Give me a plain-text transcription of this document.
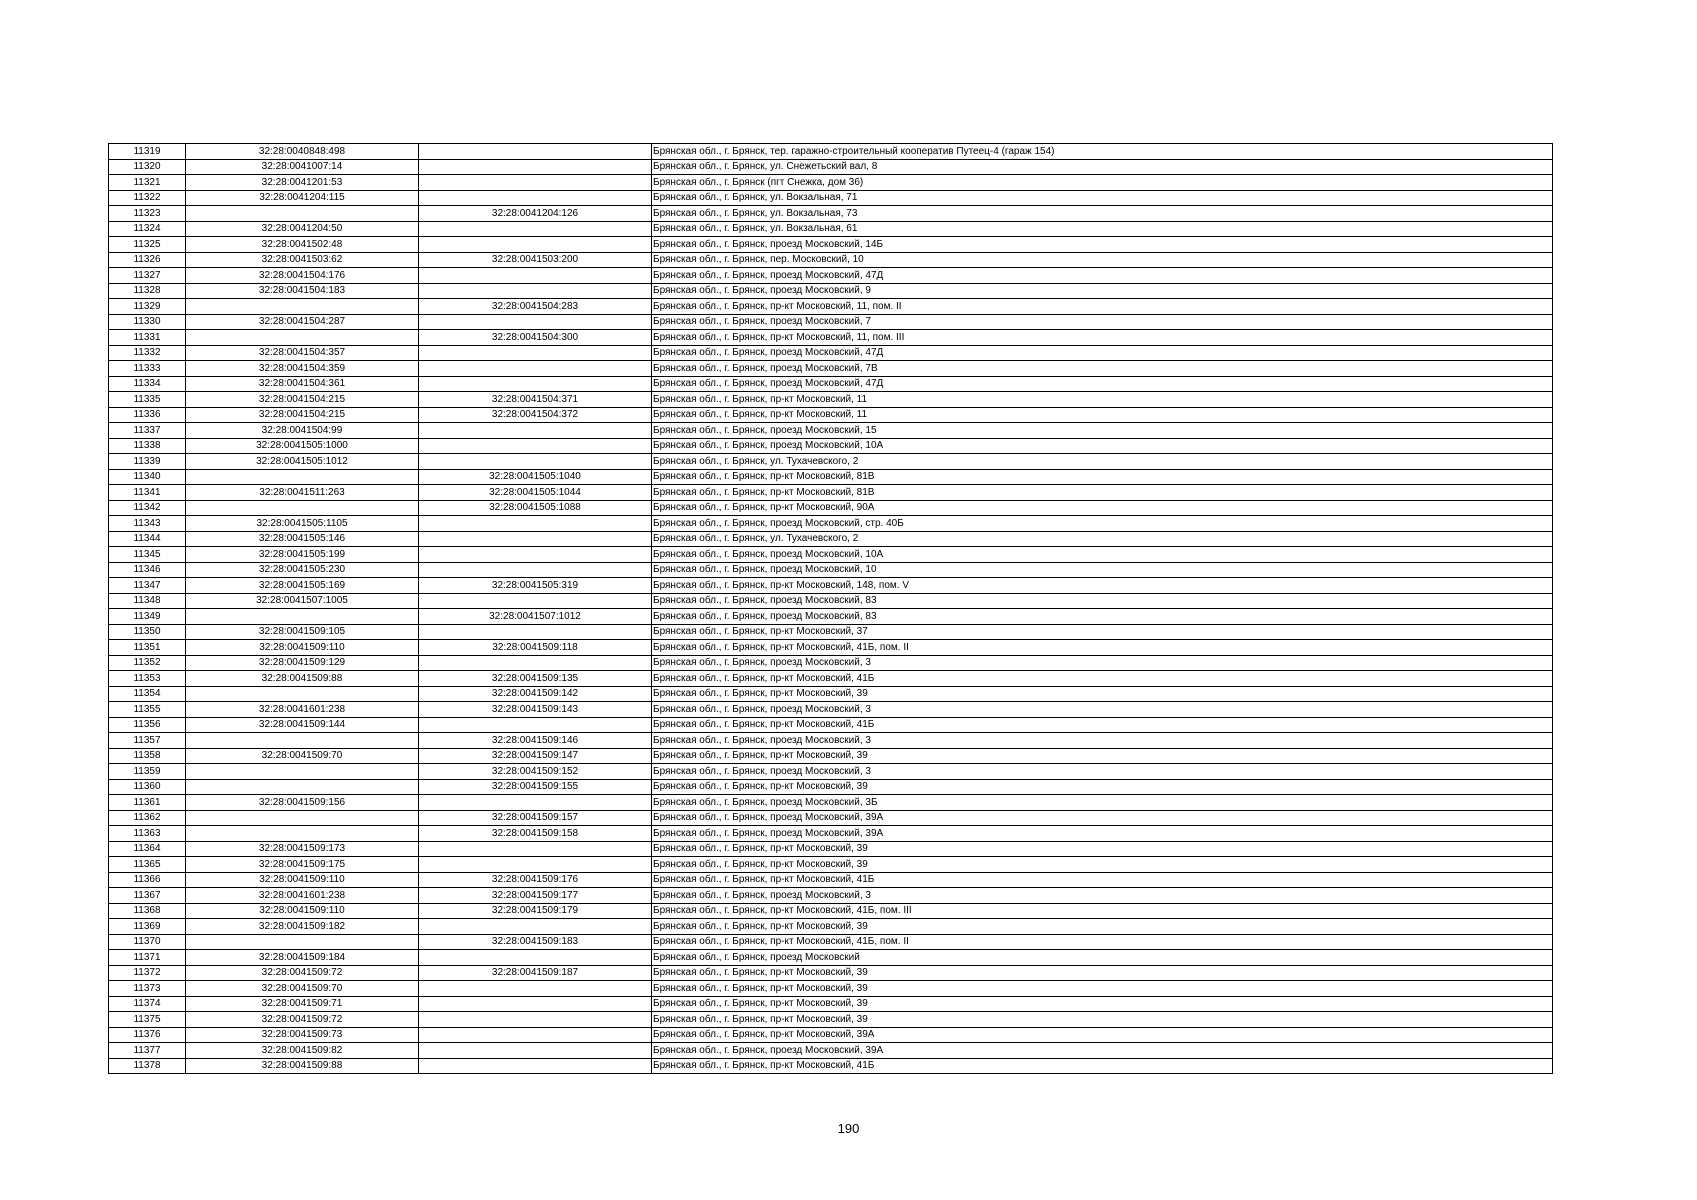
11319	32:28:0040848:498		Брянская обл., г. Брянск, тер. гаражно-строительный кооператив Путеец-4 (гараж 154)
11320	32:28:0041007:14		Брянская обл., г. Брянск, ул. Снежетьский вал, 8
11321	32:28:0041201:53		Брянская обл., г. Брянск (пгт Снежка, дом 36)
11322	32:28:0041204:115		Брянская обл., г. Брянск, ул. Вокзальная, 71
11323		32:28:0041204:126	Брянская обл., г. Брянск, ул. Вокзальная, 73
11324	32:28:0041204:50		Брянская обл., г. Брянск, ул. Вокзальная, 61
11325	32:28:0041502:48		Брянская обл., г. Брянск, проезд Московский, 14Б
11326	32:28:0041503:62	32:28:0041503:200	Брянская обл., г. Брянск, пер. Московский, 10
11327	32:28:0041504:176		Брянская обл., г. Брянск, проезд Московский, 47Д
11328	32:28:0041504:183		Брянская обл., г. Брянск, проезд Московский, 9
11329		32:28:0041504:283	Брянская обл., г. Брянск, пр-кт Московский, 11, пом. II
11330	32:28:0041504:287		Брянская обл., г. Брянск, проезд Московский, 7
11331		32:28:0041504:300	Брянская обл., г. Брянск, пр-кт Московский, 11, пом. III
11332	32:28:0041504:357		Брянская обл., г. Брянск, проезд Московский, 47Д
11333	32:28:0041504:359		Брянская обл., г. Брянск, проезд Московский, 7В
11334	32:28:0041504:361		Брянская обл., г. Брянск, проезд Московский, 47Д
11335	32:28:0041504:215	32:28:0041504:371	Брянская обл., г. Брянск, пр-кт Московский, 11
11336	32:28:0041504:215	32:28:0041504:372	Брянская обл., г. Брянск, пр-кт Московский, 11
11337	32:28:0041504:99		Брянская обл., г. Брянск, проезд Московский, 15
11338	32:28:0041505:1000		Брянская обл., г. Брянск, проезд Московский, 10А
11339	32:28:0041505:1012		Брянская обл., г. Брянск, ул. Тухачевского, 2
11340		32:28:0041505:1040	Брянская обл., г. Брянск, пр-кт Московский, 81В
11341	32:28:0041511:263	32:28:0041505:1044	Брянская обл., г. Брянск, пр-кт Московский, 81В
11342		32:28:0041505:1088	Брянская обл., г. Брянск, пр-кт Московский, 90А
11343	32:28:0041505:1105		Брянская обл., г. Брянск, проезд Московский, стр. 40Б
11344	32:28:0041505:146		Брянская обл., г. Брянск, ул. Тухачевского, 2
11345	32:28:0041505:199		Брянская обл., г. Брянск, проезд Московский, 10А
11346	32:28:0041505:230		Брянская обл., г. Брянск, проезд Московский, 10
11347	32:28:0041505:169	32:28:0041505:319	Брянская обл., г. Брянск, пр-кт Московский, 148, пом. V
11348	32:28:0041507:1005		Брянская обл., г. Брянск, проезд Московский, 83
11349		32:28:0041507:1012	Брянская обл., г. Брянск, проезд Московский, 83
11350	32:28:0041509:105		Брянская обл., г. Брянск, пр-кт Московский, 37
11351	32:28:0041509:110	32:28:0041509:118	Брянская обл., г. Брянск, пр-кт Московский, 41Б, пом. II
11352	32:28:0041509:129		Брянская обл., г. Брянск, проезд Московский, 3
11353	32:28:0041509:88	32:28:0041509:135	Брянская обл., г. Брянск, пр-кт Московский, 41Б
11354		32:28:0041509:142	Брянская обл., г. Брянск, пр-кт Московский, 39
11355	32:28:0041601:238	32:28:0041509:143	Брянская обл., г. Брянск, проезд Московский, 3
11356	32:28:0041509:144		Брянская обл., г. Брянск, пр-кт Московский, 41Б
11357		32:28:0041509:146	Брянская обл., г. Брянск, проезд Московский, 3
11358	32:28:0041509:70	32:28:0041509:147	Брянская обл., г. Брянск, пр-кт Московский, 39
11359		32:28:0041509:152	Брянская обл., г. Брянск, проезд Московский, 3
11360		32:28:0041509:155	Брянская обл., г. Брянск, пр-кт Московский, 39
11361	32:28:0041509:156		Брянская обл., г. Брянск, проезд Московский, 3Б
11362		32:28:0041509:157	Брянская обл., г. Брянск, проезд Московский, 39А
11363		32:28:0041509:158	Брянская обл., г. Брянск, проезд Московский, 39А
11364	32:28:0041509:173		Брянская обл., г. Брянск, пр-кт Московский, 39
11365	32:28:0041509:175		Брянская обл., г. Брянск, пр-кт Московский, 39
11366	32:28:0041509:110	32:28:0041509:176	Брянская обл., г. Брянск, пр-кт Московский, 41Б
11367	32:28:0041601:238	32:28:0041509:177	Брянская обл., г. Брянск, проезд Московский, 3
11368	32:28:0041509:110	32:28:0041509:179	Брянская обл., г. Брянск, пр-кт Московский, 41Б, пом. III
11369	32:28:0041509:182		Брянская обл., г. Брянск, пр-кт Московский, 39
11370		32:28:0041509:183	Брянская обл., г. Брянск, пр-кт Московский, 41Б, пом. II
11371	32:28:0041509:184		Брянская обл., г. Брянск, проезд Московский
11372	32:28:0041509:72	32:28:0041509:187	Брянская обл., г. Брянск, пр-кт Московский, 39
11373	32:28:0041509:70		Брянская обл., г. Брянск, пр-кт Московский, 39
11374	32:28:0041509:71		Брянская обл., г. Брянск, пр-кт Московский, 39
11375	32:28:0041509:72		Брянская обл., г. Брянск, пр-кт Московский, 39
11376	32:28:0041509:73		Брянская обл., г. Брянск, пр-кт Московский, 39А
11377	32:28:0041509:82		Брянская обл., г. Брянск, проезд Московский, 39А
11378	32:28:0041509:88		Брянская обл., г. Брянск, пр-кт Московский, 41Б
190
